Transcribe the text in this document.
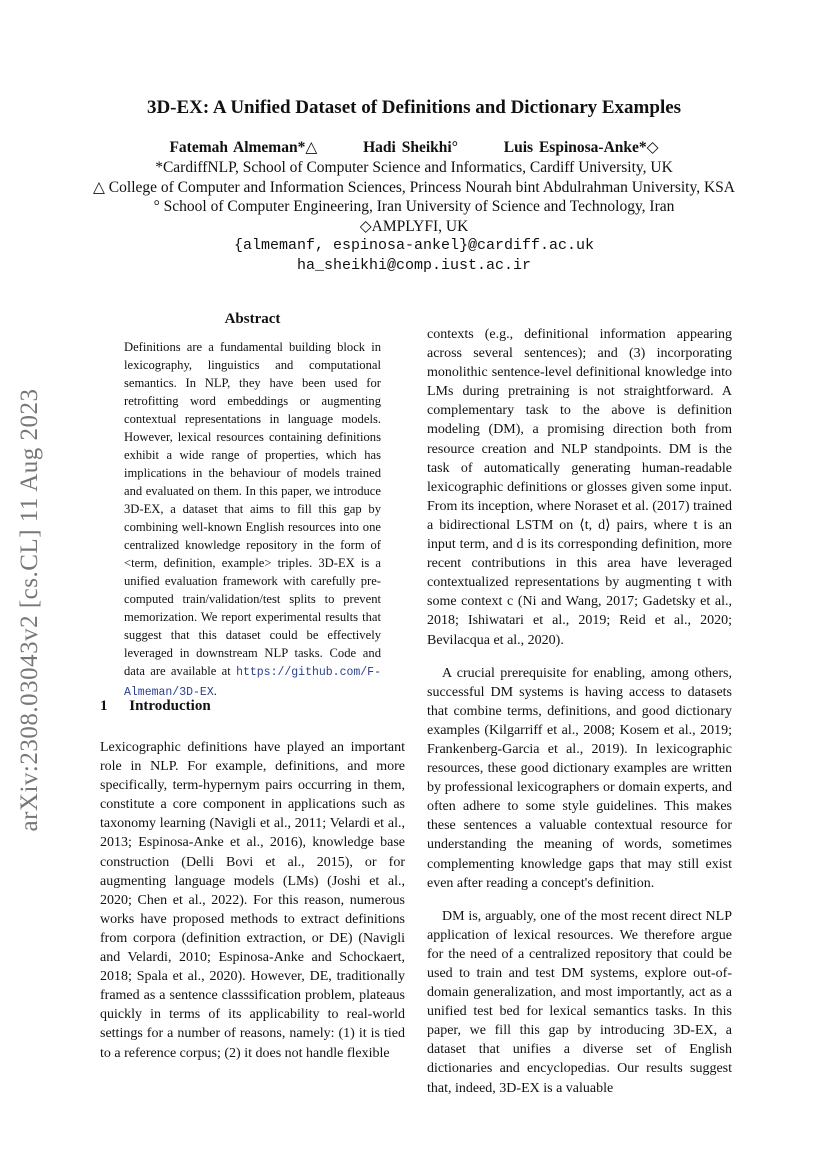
arXiv:2308.03043v2 [cs.CL] 11 Aug 2023
3D-EX: A Unified Dataset of Definitions and Dictionary Examples
Fatemah Almeman*△	Hadi Sheikhi°	Luis Espinosa-Anke*◇
*CardiffNLP, School of Computer Science and Informatics, Cardiff University, UK
△ College of Computer and Information Sciences, Princess Nourah bint Abdulrahman University, KSA
° School of Computer Engineering, Iran University of Science and Technology, Iran
◇AMPLYFI, UK
{almemanf, espinosa-ankel}@cardiff.ac.uk
ha_sheikhi@comp.iust.ac.ir
Abstract
Definitions are a fundamental building block in lexicography, linguistics and computational semantics. In NLP, they have been used for retrofitting word embeddings or augmenting contextual representations in language models. However, lexical resources containing definitions exhibit a wide range of properties, which has implications in the behaviour of models trained and evaluated on them. In this paper, we introduce 3D-EX, a dataset that aims to fill this gap by combining well-known English resources into one centralized knowledge repository in the form of <term, definition, example> triples. 3D-EX is a unified evaluation framework with carefully pre-computed train/validation/test splits to prevent memorization. We report experimental results that suggest that this dataset could be effectively leveraged in downstream NLP tasks. Code and data are available at https://github.com/F-Almeman/3D-EX.
1 Introduction

Lexicographic definitions have played an important role in NLP. For example, definitions, and more specifically, term-hypernym pairs occurring in them, constitute a core component in applications such as taxonomy learning (Navigli et al., 2011; Velardi et al., 2013; Espinosa-Anke et al., 2016), knowledge base construction (Delli Bovi et al., 2015), or for augmenting language models (LMs) (Joshi et al., 2020; Chen et al., 2022). For this reason, numerous works have proposed methods to extract definitions from corpora (definition extraction, or DE) (Navigli and Velardi, 2010; Espinosa-Anke and Schockaert, 2018; Spala et al., 2020). However, DE, traditionally framed as a sentence classsification problem, plateaus quickly in terms of its applicability to real-world settings for a number of reasons, namely: (1) it is tied to a reference corpus; (2) it does not handle flexible

contexts (e.g., definitional information appearing across several sentences); and (3) incorporating monolithic sentence-level definitional knowledge into LMs during pretraining is not straightforward. A complementary task to the above is definition modeling (DM), a promising direction both from resource creation and NLP standpoints. DM is the task of automatically generating human-readable lexicographic definitions or glosses given some input. From its inception, where Noraset et al. (2017) trained a bidirectional LSTM on ⟨t, d⟩ pairs, where t is an input term, and d is its corresponding definition, more recent contributions in this area have leveraged contextualized representations by augmenting t with some context c (Ni and Wang, 2017; Gadetsky et al., 2018; Ishiwatari et al., 2019; Reid et al., 2020; Bevilacqua et al., 2020).

A crucial prerequisite for enabling, among others, successful DM systems is having access to datasets that combine terms, definitions, and good dictionary examples (Kilgarriff et al., 2008; Kosem et al., 2019; Frankenberg-Garcia et al., 2019). In lexicographic resources, these good dictionary examples are written by professional lexicographers or domain experts, and often adhere to some style guidelines. This makes these sentences a valuable contextual resource for understanding the meaning of words, sometimes complementing knowledge gaps that may still exist even after reading a concept's definition.

DM is, arguably, one of the most recent direct NLP application of lexical resources. We therefore argue for the need of a centralized repository that could be used to train and test DM systems, explore out-of-domain generalization, and most importantly, act as a unified test bed for lexical semantics tasks. In this paper, we fill this gap by introducing 3D-EX, a dataset that unifies a diverse set of English dictionaries and encyclopedias. Our results suggest that, indeed, 3D-EX is a valuable
